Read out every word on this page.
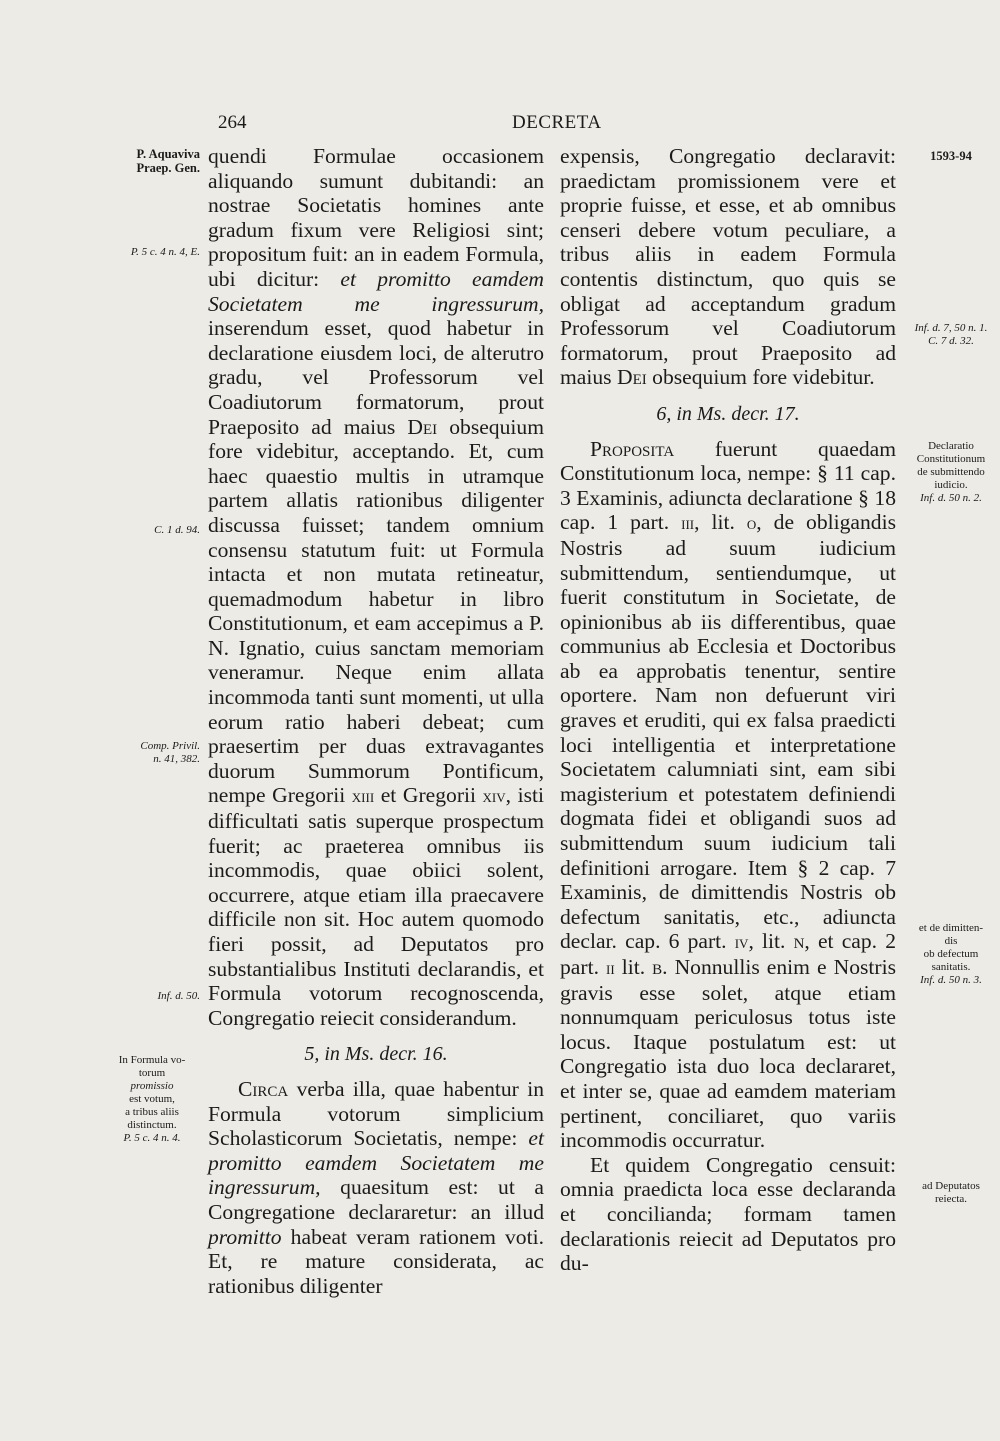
264	DECRETA
P. Aquaviva
Praep. Gen.
P. 5 c. 4 n. 4, E.
C. 1 d. 94.
Comp. Privil.
n. 41, 382.
Inf. d. 50.
In Formula vo-
torum
promissio
est votum,
a tribus aliis
distinctum.
P. 5 c. 4 n. 4.
1593-94
Inf. d. 7, 50 n. 1.
C. 7 d. 32.
Declaratio
Constitutionum
de submittendo
iudicio.
Inf. d. 50 n. 2.
et de dimitten-
dis
ob defectum
sanitatis.
Inf. d. 50 n. 3.
ad Deputatos
reiecta.

quendi Formulae occasionem aliquando sumunt dubitandi: an nostrae Societatis homines ante gradum fixum vere Religiosi sint; propositum fuit: an in eadem Formula, ubi dicitur: et promitto eamdem Societatem me ingressurum, inserendum esset, quod habetur in declaratione eiusdem loci, de alterutro gradu, vel Professorum vel Coadiutorum formatorum, prout Praeposito ad maius Dei obsequium fore videbitur, acceptando. Et, cum haec quaestio multis in utramque partem allatis rationibus diligenter discussa fuisset; tandem omnium consensu statutum fuit: ut Formula intacta et non mutata retineatur, quemadmodum habetur in libro Constitutionum, et eam accepimus a P. N. Ignatio, cuius sanctam memoriam veneramur. Neque enim allata incommoda tanti sunt momenti, ut ulla eorum ratio haberi debeat; cum praesertim per duas extravagantes duorum Summorum Pontificum, nempe Gregorii xiii et Gregorii xiv, isti difficultati satis superque prospectum fuerit; ac praeterea omnibus iis incommodis, quae obiici solent, occurrere, atque etiam illa praecavere difficile non sit. Hoc autem quomodo fieri possit, ad Deputatos pro substantialibus Instituti declarandis, et Formula votorum recognoscenda, Congregatio reiecit considerandum.

5, in Ms. decr. 16.

Circa verba illa, quae habentur in Formula votorum simplicium Scholasticorum Societatis, nempe: et promitto eamdem Societatem me ingressurum, quaesitum est: ut a Congregatione declararetur: an illud promitto habeat veram rationem voti. Et, re mature considerata, ac rationibus diligenter

expensis, Congregatio declaravit: praedictam promissionem vere et proprie fuisse, et esse, et ab omnibus censeri debere votum peculiare, a tribus aliis in eadem Formula contentis distinctum, quo quis se obligat ad acceptandum gradum Professorum vel Coadiutorum formatorum, prout Praeposito ad maius Dei obsequium fore videbitur.

6, in Ms. decr. 17.

Proposita fuerunt quaedam Constitutionum loca, nempe: § 11 cap. 3 Examinis, adiuncta declaratione § 18 cap. 1 part. iii, lit. o, de obligandis Nostris ad suum iudicium submittendum, sentiendumque, ut fuerit constitutum in Societate, de opinionibus ab iis differentibus, quae communius ab Ecclesia et Doctoribus ab ea approbatis tenentur, sentire oportere. Nam non defuerunt viri graves et eruditi, qui ex falsa praedicti loci intelligentia et interpretatione Societatem calumniati sint, eam sibi magisterium et potestatem definiendi dogmata fidei et obligandi suos ad submittendum suum iudicium tali definitioni arrogare. Item § 2 cap. 7 Examinis, de dimittendis Nostris ob defectum sanitatis, etc., adiuncta declar. cap. 6 part. iv, lit. n, et cap. 2 part. ii lit. b. Nonnullis enim e Nostris gravis esse solet, atque etiam nonnumquam periculosus totus iste locus. Itaque postulatum est: ut Congregatio ista duo loca declararet, et inter se, quae ad eamdem materiam pertinent, conciliaret, quo variis incommodis occurratur.

Et quidem Congregatio censuit: omnia praedicta loca esse declaranda et concilianda; formam tamen declarationis reiecit ad Deputatos pro du-
